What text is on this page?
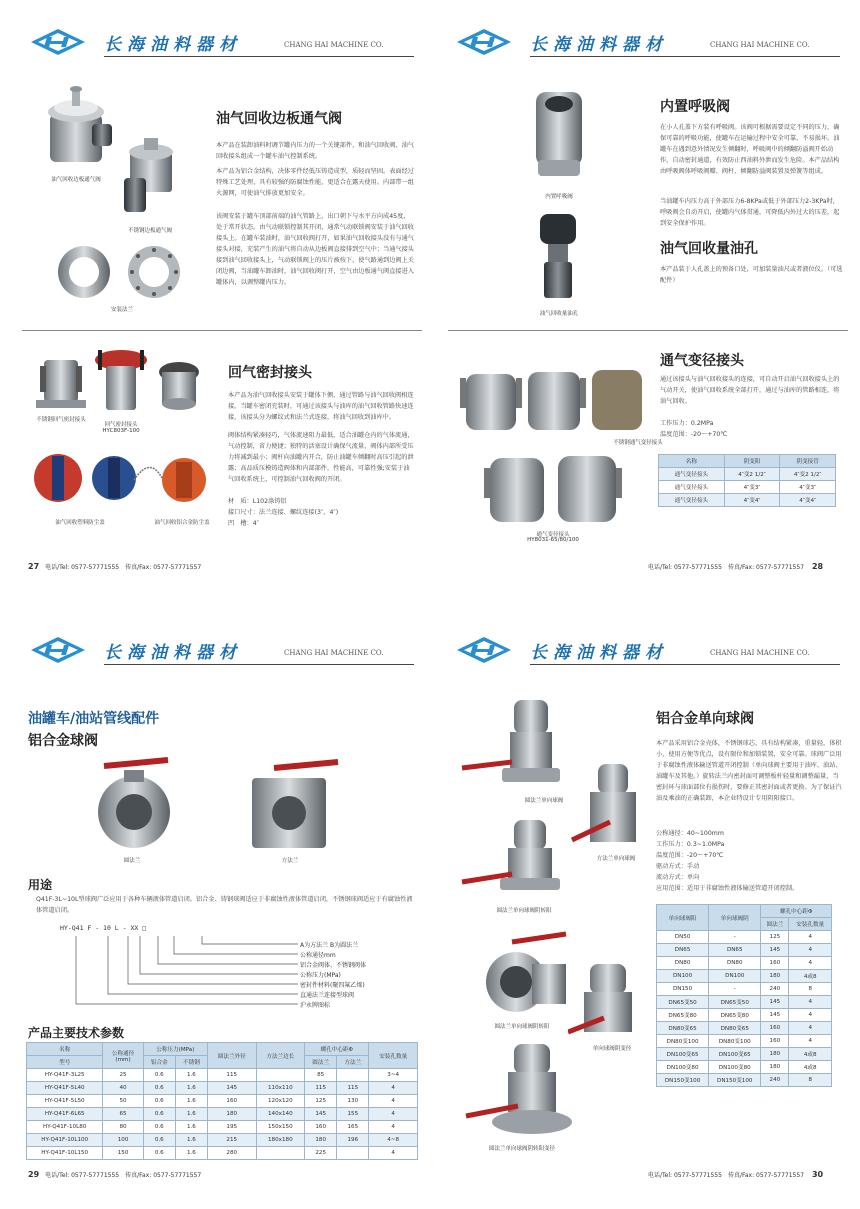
长海油料器材	CHANG HAI MACHINE CO.
油气回收边板通气阀
不锈钢边板通气阀
安装法兰
油气回收边板通气阀
本产品在装卸油料时调节罐内压力的一个关键部件，和油气回收阀、油气回收接头组成一个罐车油气控制系统。
本产品为铝合金结构，决体零件经低压铸造成型，质轻而坚固。表面经过特殊工艺处理，具有较强的防腐蚀性能，更适合在露天使用。内部带一组火源网，可使油气排放更加安全。
该阀安装于罐车顶部前端的油气管路上，出口朝下与水平方向成45度，处于常开状态。由气动联锁控制其开闭，通常气动联锁阀安装于油气回收接头上。在罐车装油时，油气回收阀打开，如果油气回收接头没有与通气接头对接，充装产生的油气将自动从边板阀直接排到空气中；当通气接头接到油气回收接头上，气动联锁阀上的压片被按下，使气路通到边阀上关闭边阀，当油罐车卸油时，油气回收阀打开，空气由边板通气阀直接进入罐体内，以调整罐内压力。
不锈钢回气密封接头
回气密封接头
HYC803F-100
油气回收塑料防尘盖	油气回收铝合金防尘盖
回气密封接头
本产品为油气回收接头安装于罐体下侧，通过管路与油气回收阀相连接。当罐车密闭充装时，可通过该接头与油库的油气回收管路快速连接，该接头分为螺纹式和法兰式连接，将油气回收到油库中。
阀体结构紧凑轻巧，气体流速阻力最低，适合油罐仓内的气体流通，气动控制，省力便捷；独特的活塞设计确保气流量，阀体内部所受压力将减到最小；阀杆向油罐内开合，防止油罐车倾翻时高压引起的泄露；高品质压模铸造阀体和内部部件，性能高，可靠性强;安装于油气回收系统上，可控制油气回收阀的开闭。
材　质：L102涤铸铝
接口尺寸：法兰连接、螺纹连接(3″、4″)
凹　槽：4″
27　 电话/Tel: 0577-57771555　 传真/Fax: 0577-57771557
长海油料器材	CHANG HAI MACHINE CO.
内置呼吸阀
油气回收量油孔
内置呼吸阀
在小人孔盖下方装有呼吸阀。该阀可根据需要设定不同的压力，确保可靠的呼吸功能，使罐车在运输过程中安全可靠，不易损坏。油罐车在遇到意外情况发生倾翻时，呼吸阀中的倾翻防溢阀开始动作，自动密封通道，有效防止西油料外泄而发生危险。本产品结构由呼吸阀体呼吸阀瓣、阀杆、倾翻防溢阀装置及弹簧等组成。
当油罐车内压力高于外部压力6-8KPa或低于外部压力2-3KPa时，呼吸阀会自动开启，使罐内气体贯通，可降低内外过大的压差，起到安全保护作用。
油气回收量油孔
本产品装于人孔盖上的预备口处，可加装量油尺或者液位仪。（可选配件）
不锈钢通气变径接头
通气变径接头
HY8031-65/80/100
通气变径接头
通过该接头与油气回收接头的连接，可自动开启油气回收接头上的气动开关，使油气回收系统全部打开，通过与油库的管路相连，将油气回收。
工作压力：0.2MPa
温度范围：-20～+70℃
名称	阴变阳	阴变接管
通气变径接头	4″变2 1/2″	4″变2 1/2″
通气变径接头	4″变3″	4″变3″
通气变径接头	4″变4″	4″变4″
电话/Tel: 0577-57771555　 传真/Fax: 0577-57771557　 28
长海油料器材	CHANG HAI MACHINE CO.
油罐车/油站管线配件
铝合金球阀
圆法兰	方法兰
用途
Q41F-3L~10L型球阀广泛应用于各种车辆液体管道启闭。铝合金、铸钢球阀适应于非腐蚀性液体管道启闭，不锈钢球阀适应于有腐蚀性液体管道启闭。
HY-Q41 F - 10 L - XX □
A为方法兰 B为圆法兰
公称通径mm
铝合金阀体、不锈钢阀体
公称压力(MPa)
密封件材料(聚四氟乙烯)
直通法兰连接型球阀
沪永牌图标
产品主要技术参数
名称	公称通径
(mm)	公称压力(MPa)		圆法兰外径	方法兰边长	螺孔中心距Φ		安装孔数量
型号		铝合金	不锈钢			圆法兰	方法兰	
HY-Q41F-3L25	25	0.6	1.6	115		85		3~4
HY-Q41F-5L40	40	0.6	1.6	145	110x110	115	115	4
HY-Q41F-5L50	50	0.6	1.6	160	120x120	125	130	4
HY-Q41F-6L65	65	0.6	1.6	180	140x140	145	155	4
HY-Q41F-10L80	80	0.6	1.6	195	150x150	160	165	4
HY-Q41F-10L100	100	0.6	1.6	215	180x180	180	196	4~8
HY-Q41F-10L150	150	0.6	1.6	280		225		4
29　 电话/Tel: 0577-57771555　 传真/Fax: 0577-57771557
长海油料器材	CHANG HAI MACHINE CO.
圆法兰单向球阀
方法兰单向球阀
圆法兰单向球阀阴转阳
圆法兰单向球阀阴转阳
单向球阀阴变径
圆法兰单向球阀阴转阳变径
铝合金单向球阀
本产品采用铝合金壳体，不锈钢球芯，具有结构紧凑，重量轻，体积小，使用方便等优点，设有限位和加锁装置，安全可靠。球阀广泛用于非腐蚀性液体输送管道开闭控制（单向球阀主要用于油库、油站、油罐车及其他。）旋转法兰内密封面可调整板杆轻量和调整漏量，当密封环与球面部位有损伤时，要修正其密封面或者更换。为了保证汽油及乘油的正确装卸，本企业特设计专用阴阳接口。
公称通径：40~100mm
工作压力：0.3~1.0MPa
温度范围：-20～+70℃
驱动方式：手动
流动方式：单向
应用范围：适用于非腐蚀性液体输送管道开闭控制。
单向球阀阳	单向球阀阴	螺孔中心距Φ	
		圆法兰	安装孔数量
DN50	-	125	4
DN65	DN65	145	4
DN80	DN80	160	4
DN100	DN100	180	4或8
DN150	-	240	8
DN65变50	DN65变50	145	4
DN65变80	DN65变80	145	4
DN80变65	DN80变65	160	4
DN80变100	DN80变100	160	4
DN100变65	DN100变65	180	4或8
DN100变80	DN100变80	180	4或8
DN150变100	DN150变100	240	8
电话/Tel: 0577-57771555　 传真/Fax: 0577-57771557　 30
